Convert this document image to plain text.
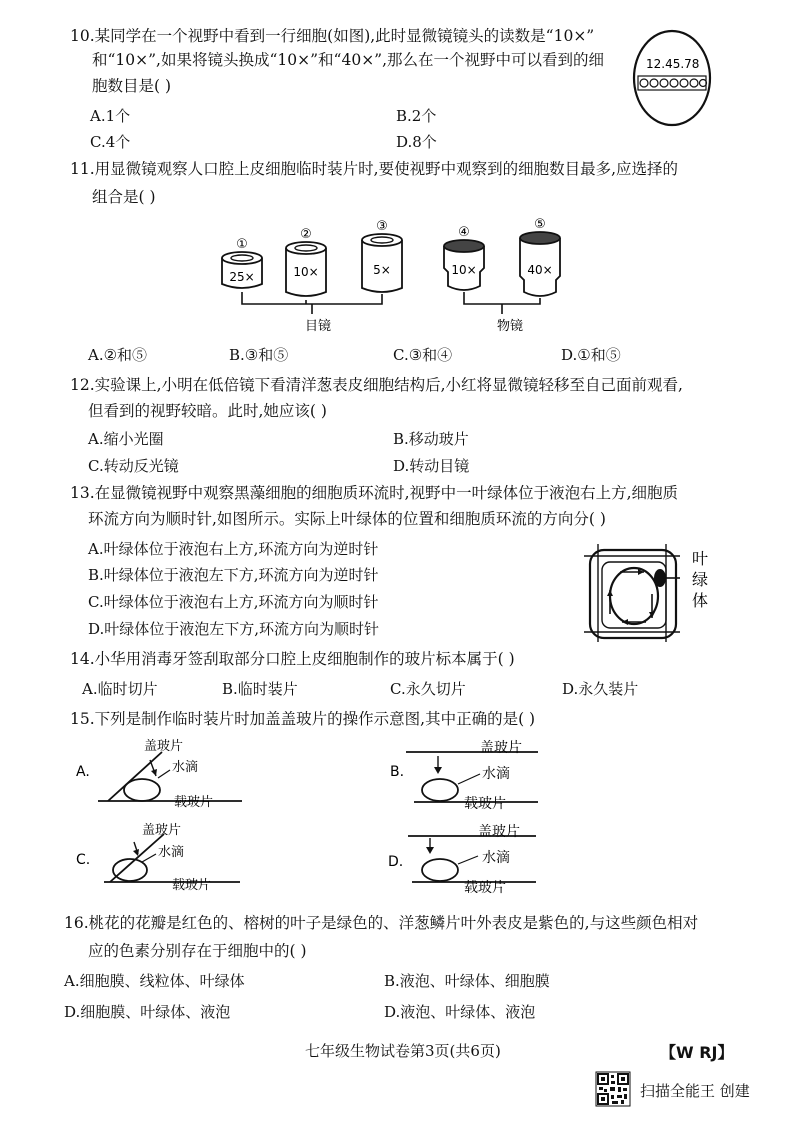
10.某同学在一个视野中看到一行细胞(如图),此时显微镜镜头的读数是“10×”
和“10×”,如果将镜头换成“10×”和“40×”,那么在一个视野中可以看到的细
胞数目是( )
A.1个	B.2个
C.4个	D.8个
12.45.78
11.用显微镜观察人口腔上皮细胞临时装片时,要使视野中观察到的细胞数目最多,应选择的
组合是( )
①
25×
②
10×
③
5×
④
10×
⑤
40×
目镜	物镜
A.②和⑤	B.③和⑤	C.③和④	D.①和⑤
12.实验课上,小明在低倍镜下看清洋葱表皮细胞结构后,小红将显微镜轻移至自己面前观看,
但看到的视野较暗。此时,她应该( )
A.缩小光圈	B.移动玻片
C.转动反光镜	D.转动目镜
13.在显微镜视野中观察黑藻细胞的细胞质环流时,视野中一叶绿体位于液泡右上方,细胞质
环流方向为顺时针,如图所示。实际上叶绿体的位置和细胞质环流的方向分( )
A.叶绿体位于液泡右上方,环流方向为逆时针
B.叶绿体位于液泡左下方,环流方向为逆时针
C.叶绿体位于液泡右上方,环流方向为顺时针
D.叶绿体位于液泡左下方,环流方向为顺时针
叶
绿
体
14.小华用消毒牙签刮取部分口腔上皮细胞制作的玻片标本属于( )
A.临时切片	B.临时装片	C.永久切片	D.永久装片
15.下列是制作临时装片时加盖盖玻片的操作示意图,其中正确的是( )
A.
盖玻片
水滴
载玻片
B.
盖玻片
水滴
载玻片
C.
盖玻片
水滴
载玻片
D.
盖玻片
水滴
载玻片
16.桃花的花瓣是红色的、榕树的叶子是绿色的、洋葱鳞片叶外表皮是紫色的,与这些颜色相对
应的色素分别存在于细胞中的( )
A.细胞膜、线粒体、叶绿体	B.液泡、叶绿体、细胞膜
D.细胞膜、叶绿体、液泡	D.液泡、叶绿体、液泡
七年级生物试卷第3页(共6页)	【W RJ】
扫描全能王 创建
